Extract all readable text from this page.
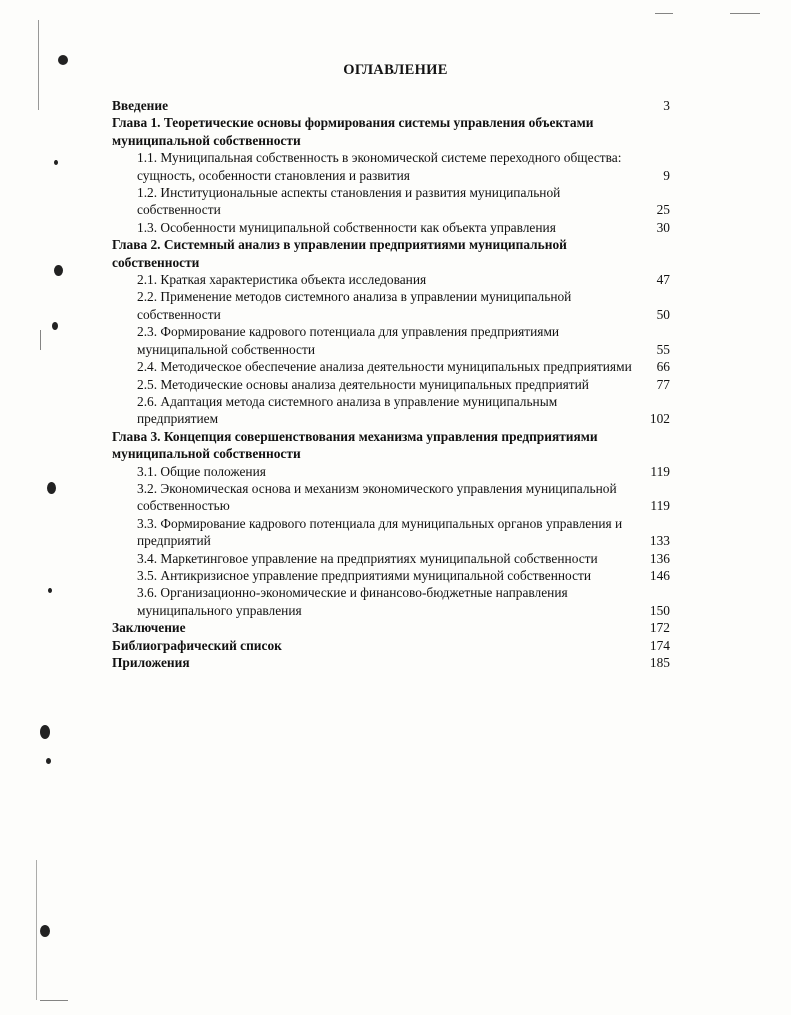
ОГЛАВЛЕНИЕ
Введение	3
Глава 1. Теоретические основы формирования системы управления объектами муниципальной собственности
1.1. Муниципальная собственность в экономической системе переходного общества: сущность, особенности становления и развития	9
1.2. Институциональные аспекты становления и развития муниципальной собственности	25
1.3. Особенности муниципальной собственности как объекта управления	30
Глава 2. Системный анализ в управлении предприятиями муниципальной собственности
2.1. Краткая характеристика объекта исследования	47
2.2. Применение методов системного анализа в управлении муниципальной собственности	50
2.3. Формирование кадрового потенциала для управления предприятиями муниципальной собственности	55
2.4. Методическое обеспечение анализа деятельности муниципальных предприятиями	66
2.5. Методические основы анализа деятельности муниципальных предприятий	77
2.6. Адаптация метода системного анализа в управление муниципальным предприятием	102
Глава 3. Концепция совершенствования механизма управления предприятиями муниципальной собственности
3.1. Общие положения	119
3.2. Экономическая основа и механизм экономического управления муниципальной собственностью	119
3.3. Формирование кадрового потенциала для муниципальных органов управления и предприятий	133
3.4. Маркетинговое управление на предприятиях муниципальной собственности	136
3.5. Антикризисное управление предприятиями муниципальной собственности	146
3.6. Организационно-экономические и финансово-бюджетные направления муниципального управления	150
Заключение	172
Библиографический список	174
Приложения	185
